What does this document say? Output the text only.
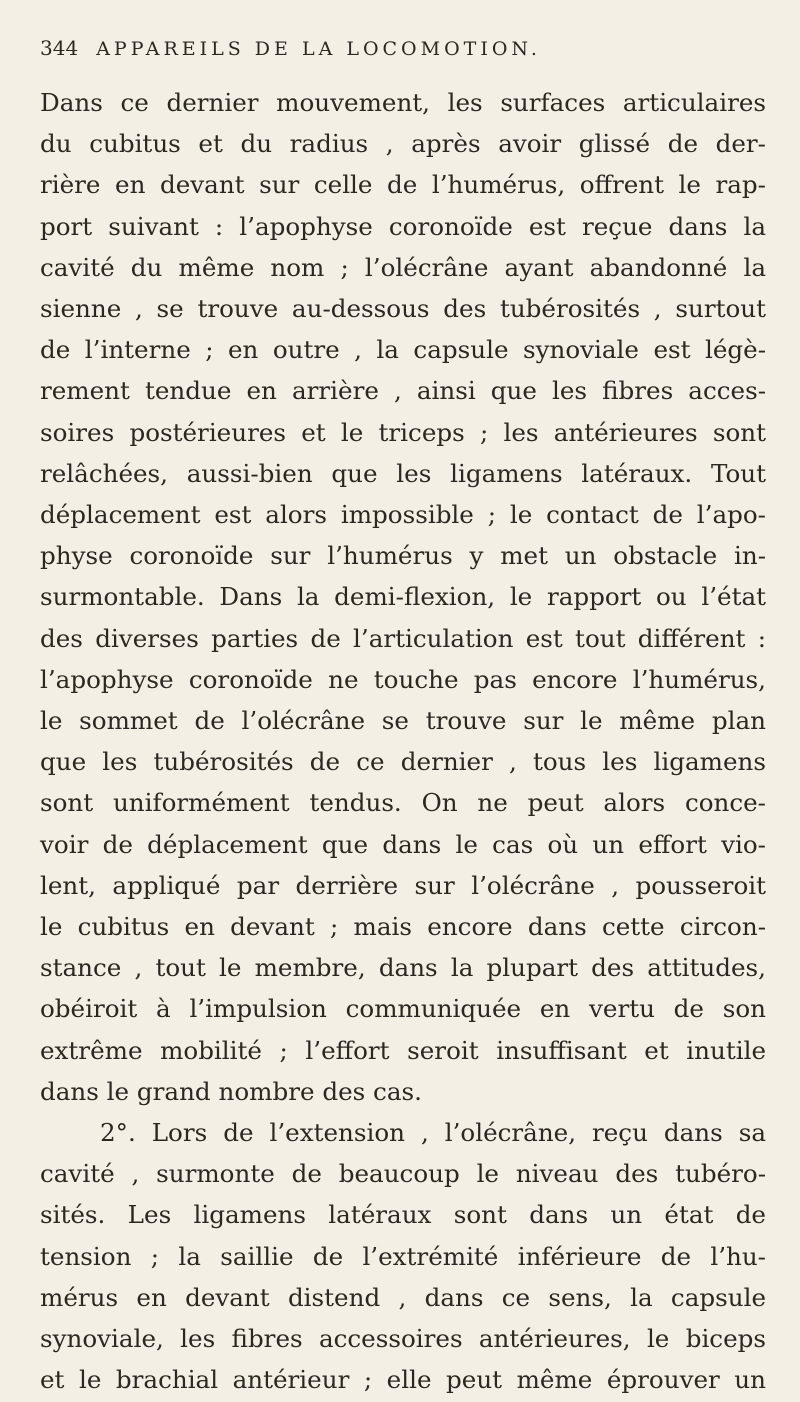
344 APPAREILS DE LA LOCOMOTION.
Dans ce dernier mouvement, les surfaces articulaires
du cubitus et du radius , après avoir glissé de der-
rière en devant sur celle de l’humérus, offrent le rap-
port suivant : l’apophyse coronoïde est reçue dans la
cavité du même nom ; l’olécrâne ayant abandonné la
sienne , se trouve au-dessous des tubérosités , surtout
de l’interne ; en outre , la capsule synoviale est légè-
rement tendue en arrière , ainsi que les fibres acces-
soires postérieures et le triceps ; les antérieures sont
relâchées, aussi-bien que les ligamens latéraux. Tout
déplacement est alors impossible ; le contact de l’apo-
physe coronoïde sur l’humérus y met un obstacle in-
surmontable. Dans la demi-flexion, le rapport ou l’état
des diverses parties de l’articulation est tout différent :
l’apophyse coronoïde ne touche pas encore l’humérus,
le sommet de l’olécrâne se trouve sur le même plan
que les tubérosités de ce dernier , tous les ligamens
sont uniformément tendus. On ne peut alors conce-
voir de déplacement que dans le cas où un effort vio-
lent, appliqué par derrière sur l’olécrâne , pousseroit
le cubitus en devant ; mais encore dans cette circon-
stance , tout le membre, dans la plupart des attitudes,
obéiroit à l’impulsion communiquée en vertu de son
extrême mobilité ; l’effort seroit insuffisant et inutile
dans le grand nombre des cas.
2°. Lors de l’extension , l’olécrâne, reçu dans sa
cavité , surmonte de beaucoup le niveau des tubéro-
sités. Les ligamens latéraux sont dans un état de
tension ; la saillie de l’extrémité inférieure de l’hu-
mérus en devant distend , dans ce sens, la capsule
synoviale, les fibres accessoires antérieures, le biceps
et le brachial antérieur ; elle peut même éprouver un
